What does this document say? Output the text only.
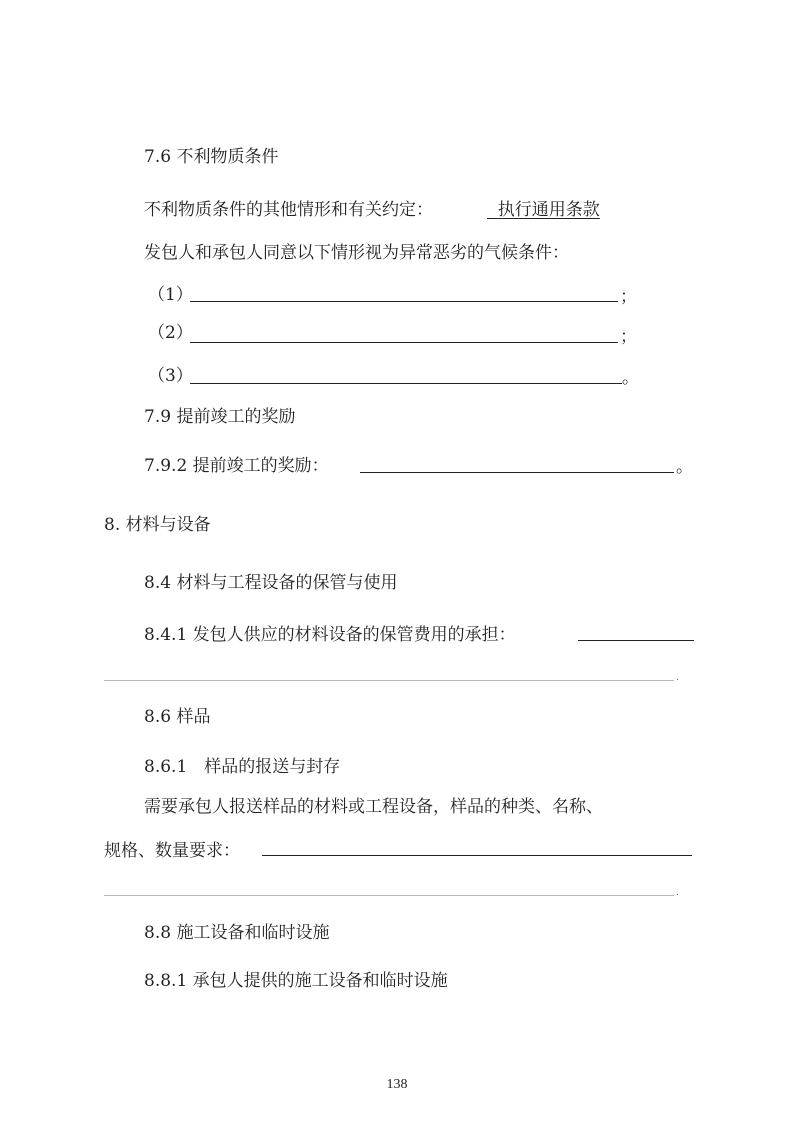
7.6 不利物质条件
不利物质条件的其他情形和有关约定：	执行通用条款
发包人和承包人同意以下情形视为异常恶劣的气候条件：
（1）	；
（2）	；
（3）	。
7.9 提前竣工的奖励
7.9.2 提前竣工的奖励：	。
8. 材料与设备
8.4 材料与工程设备的保管与使用
8.4.1 发包人供应的材料设备的保管费用的承担：
.
8.6 样品
8.6.1　样品的报送与封存
需要承包人报送样品的材料或工程设备，样品的种类、名称、
规格、数量要求：
.
8.8 施工设备和临时设施
8.8.1 承包人提供的施工设备和临时设施
138
